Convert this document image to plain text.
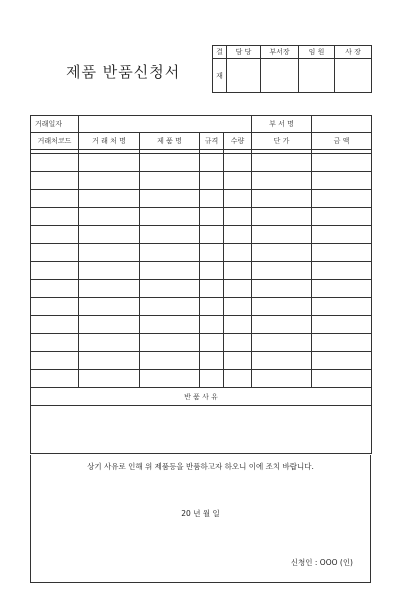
제품 반품신청서
결	담 당	부서장	임 원	사 장
재				
거래일자					부 서 명	
거래처코드	거 래 처 명	제 품 명	규격	수량	단 가	금 액

반 품 사 유						

상기 사유로 인해 위 제품등을 반품하고자 하오니 이에 조치 바랍니다.
20 년 월 일
신청인 : OOO (인)
